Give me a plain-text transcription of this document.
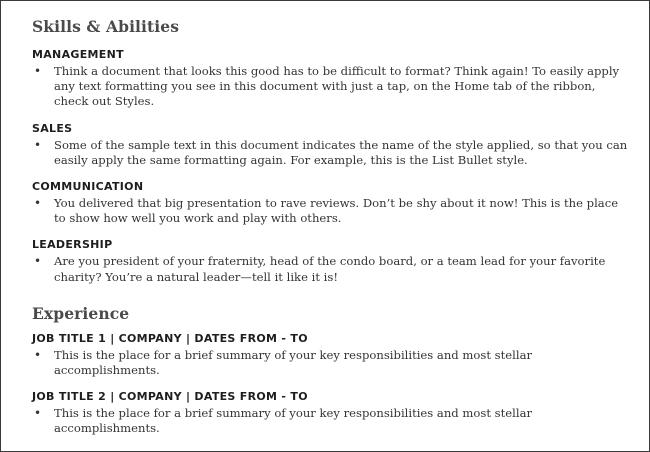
Skills & Abilities
MANAGEMENT
• Think a document that looks this good has to be difficult to format? Think again! To easily apply any text formatting you see in this document with just a tap, on the Home tab of the ribbon, check out Styles.
SALES
• Some of the sample text in this document indicates the name of the style applied, so that you can easily apply the same formatting again. For example, this is the List Bullet style.
COMMUNICATION
• You delivered that big presentation to rave reviews. Don’t be shy about it now! This is the place to show how well you work and play with others.
LEADERSHIP
• Are you president of your fraternity, head of the condo board, or a team lead for your favorite charity? You’re a natural leader—tell it like it is!
Experience
JOB TITLE 1 | COMPANY | DATES FROM - TO
• This is the place for a brief summary of your key responsibilities and most stellar accomplishments.
JOB TITLE 2 | COMPANY | DATES FROM - TO
• This is the place for a brief summary of your key responsibilities and most stellar accomplishments.
